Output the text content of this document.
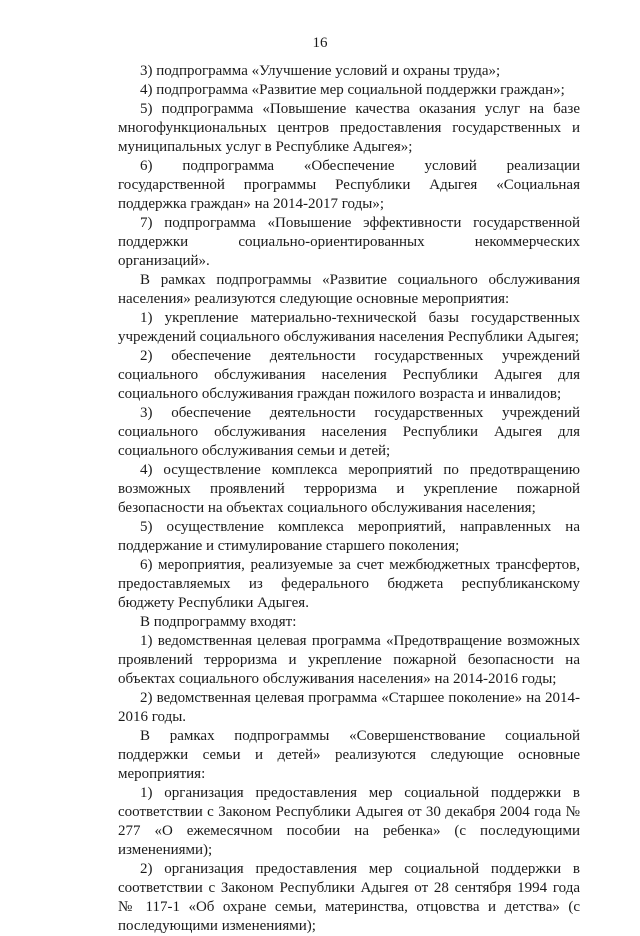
16

3) подпрограмма «Улучшение условий и охраны труда»;

4) подпрограмма «Развитие мер социальной поддержки граждан»;

5) подпрограмма «Повышение качества оказания услуг на базе многофункциональных центров предоставления государственных и муниципальных услуг в Республике Адыгея»;

6) подпрограмма «Обеспечение условий реализации государственной программы Республики Адыгея «Социальная поддержка граждан» на 2014-2017 годы»;

7) подпрограмма «Повышение эффективности государственной поддержки социально-ориентированных некоммерческих организаций».

В рамках подпрограммы «Развитие социального обслуживания населения» реализуются следующие основные мероприятия:

1) укрепление материально-технической базы государственных учреждений социального обслуживания населения Республики Адыгея;

2) обеспечение деятельности государственных учреждений социального обслуживания населения Республики Адыгея для социального обслуживания граждан пожилого возраста и инвалидов;

3) обеспечение деятельности государственных учреждений социального обслуживания населения Республики Адыгея для социального обслуживания семьи и детей;

4) осуществление комплекса мероприятий по предотвращению возможных проявлений терроризма и укрепление пожарной безопасности на объектах социального обслуживания населения;

5) осуществление комплекса мероприятий, направленных на поддержание и стимулирование старшего поколения;

6) мероприятия, реализуемые за счет межбюджетных трансфертов, предоставляемых из федерального бюджета республиканскому бюджету Республики Адыгея.

В подпрограмму входят:

1) ведомственная целевая программа «Предотвращение возможных проявлений терроризма и укрепление пожарной безопасности на объектах социального обслуживания населения» на 2014-2016 годы;

2) ведомственная целевая программа «Старшее поколение» на 2014-2016 годы.

В рамках подпрограммы «Совершенствование социальной поддержки семьи и детей» реализуются следующие основные мероприятия:

1) организация предоставления мер социальной поддержки в соответствии с Законом Республики Адыгея от 30 декабря 2004 года № 277 «О ежемесячном пособии на ребенка» (с последующими изменениями);

2) организация предоставления мер социальной поддержки в соответствии с Законом Республики Адыгея от 28 сентября 1994 года № 117-1 «Об охране семьи, материнства, отцовства и детства» (с последующими изменениями);
